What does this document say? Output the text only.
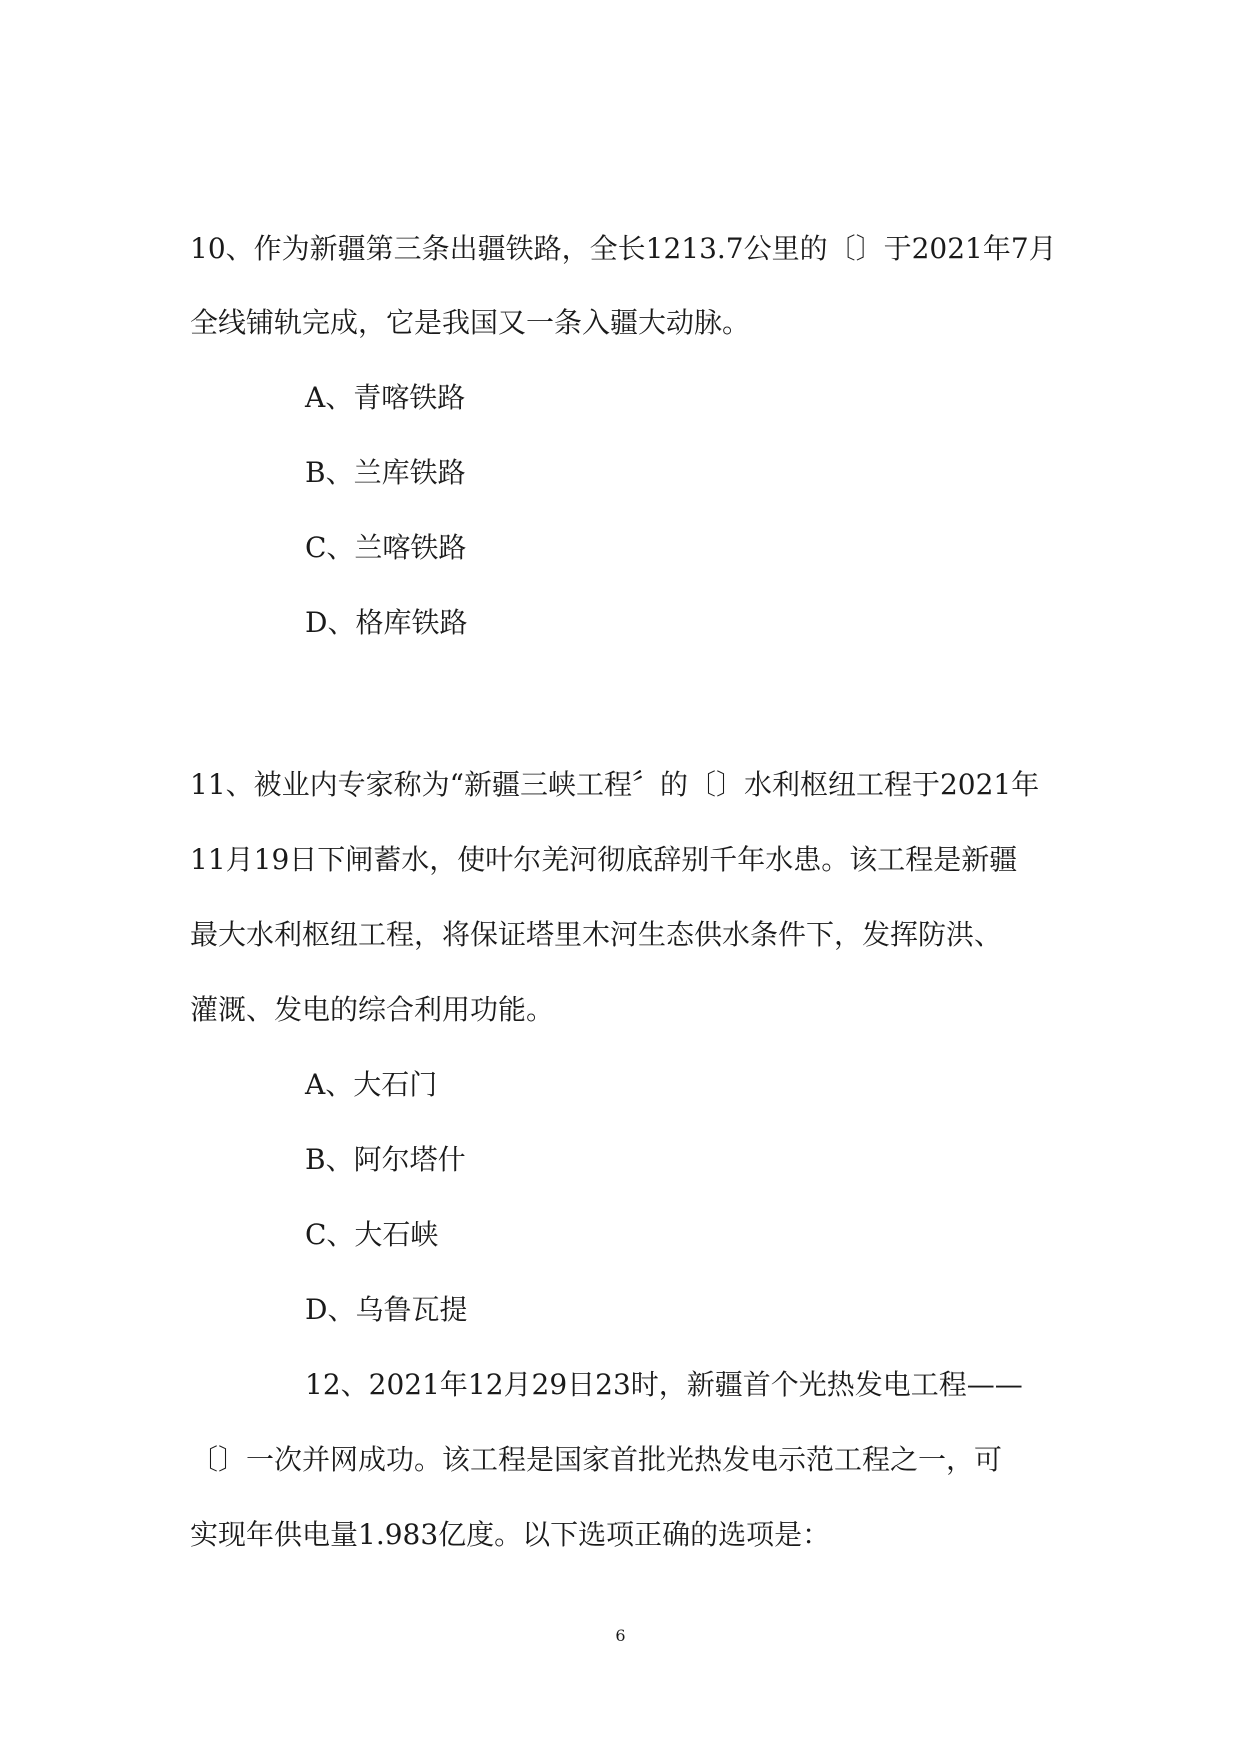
10、作为新疆第三条出疆铁路，全长1213.7公里的〔〕于2021年7月

全线铺轨完成，它是我国又一条入疆大动脉。

A、青喀铁路

B、兰库铁路

C、兰喀铁路

D、格库铁路

11、被业内专家称为“新疆三峡工程〞的〔〕水利枢纽工程于2021年

11月19日下闸蓄水，使叶尔羌河彻底辞别千年水患。该工程是新疆

最大水利枢纽工程，将保证塔里木河生态供水条件下，发挥防洪、

灌溉、发电的综合利用功能。

A、大石门

B、阿尔塔什

C、大石峡

D、乌鲁瓦提

12、2021年12月29日23时，新疆首个光热发电工程——

〔〕一次并网成功。该工程是国家首批光热发电示范工程之一，可

实现年供电量1.983亿度。以下选项正确的选项是：

6
